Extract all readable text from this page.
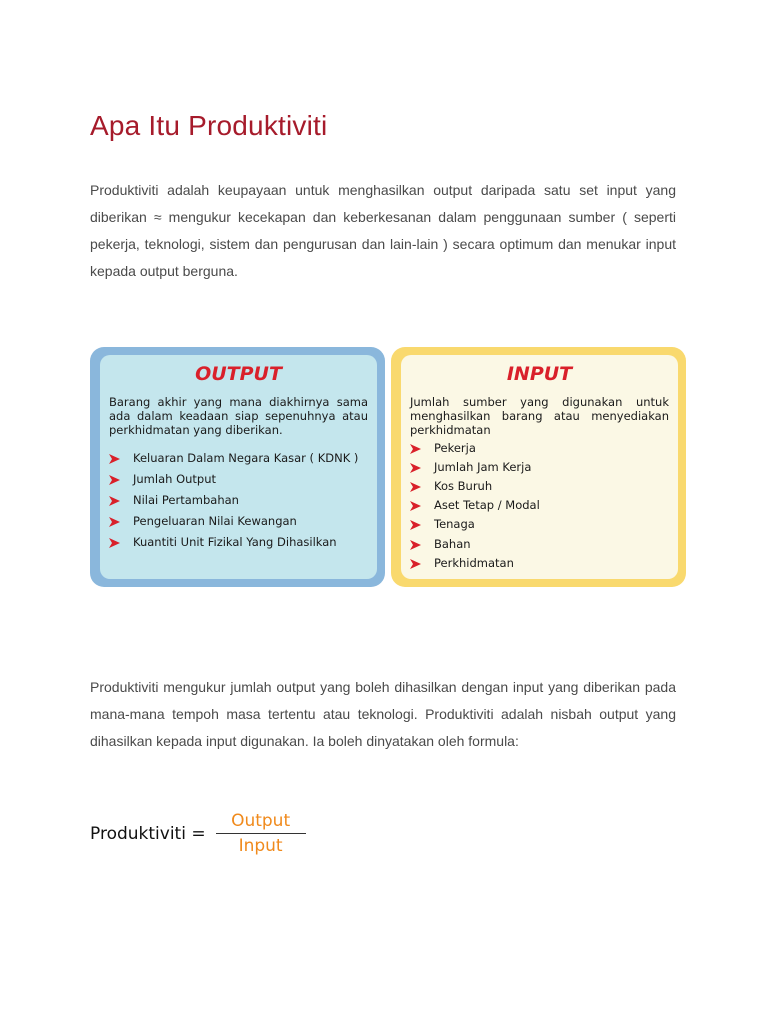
Apa Itu Produktiviti

Produktiviti adalah keupayaan untuk menghasilkan output daripada satu set input yang diberikan ≈ mengukur kecekapan dan keberkesanan dalam penggunaan sumber ( seperti pekerja, teknologi, sistem dan pengurusan dan lain-lain ) secara optimum dan menukar input kepada output berguna.

OUTPUT

Barang akhir yang mana diakhirnya sama ada dalam keadaan siap sepenuhnya atau perkhidmatan yang diberikan.

Keluaran Dalam Negara Kasar ( KDNK )
Jumlah Output
Nilai Pertambahan
Pengeluaran Nilai Kewangan
Kuantiti Unit Fizikal Yang Dihasilkan
INPUT

Jumlah sumber yang digunakan untuk menghasilkan barang atau menyediakan perkhidmatan

Pekerja
Jumlah Jam Kerja
Kos Buruh
Aset Tetap / Modal
Tenaga
Bahan
Perkhidmatan

Produktiviti mengukur jumlah output yang boleh dihasilkan dengan input yang diberikan pada mana-mana tempoh masa tertentu atau teknologi. Produktiviti adalah nisbah output yang dihasilkan kepada input digunakan. Ia boleh dinyatakan oleh formula:

Produktiviti = $\frac{\text{Output}}{\text{Input}}$
